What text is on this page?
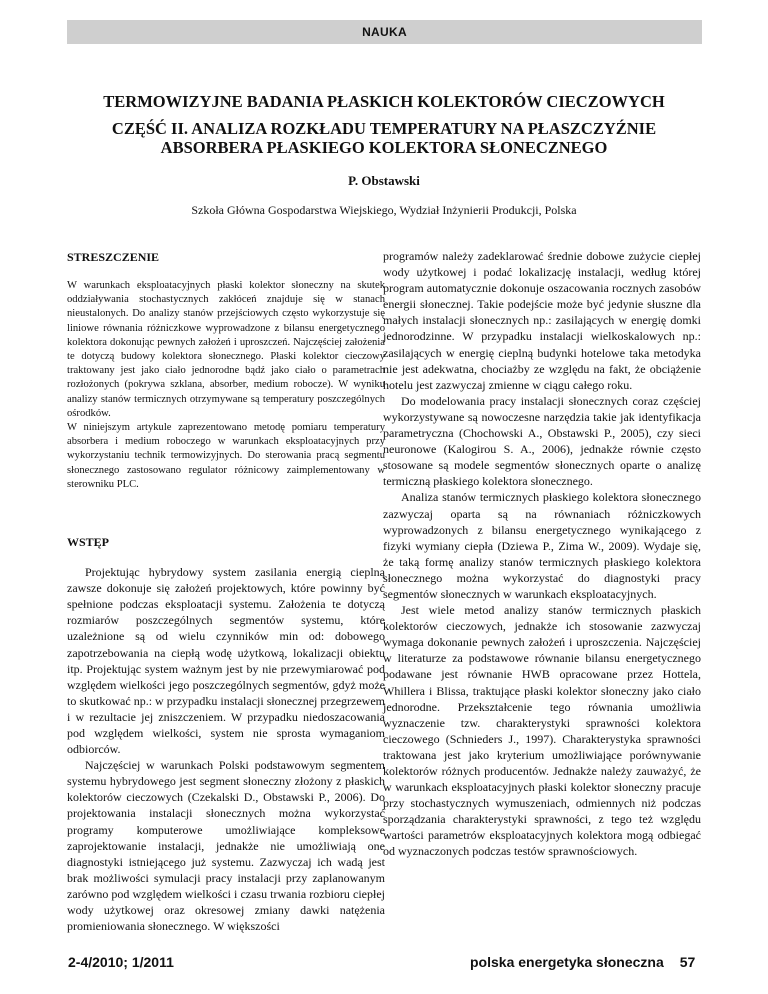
NAUKA
TERMOWIZYJNE BADANIA PŁASKICH KOLEKTORÓW CIECZOWYCH
CZĘŚĆ II. ANALIZA ROZKŁADU TEMPERATURY NA PŁASZCZYŹNIE
ABSORBERA PŁASKIEGO KOLEKTORA SŁONECZNEGO
P. Obstawski
Szkoła Główna Gospodarstwa Wiejskiego, Wydział Inżynierii Produkcji, Polska

STRESZCZENIE

W warunkach eksploatacyjnych płaski kolektor słoneczny na skutek oddziaływania stochastycznych zakłóceń znajduje się w stanach nieustalonych. Do analizy stanów przejściowych często wykorzystuje się liniowe równania różniczkowe wyprowadzone z bilansu energetycznego kolektora dokonując pewnych założeń i uproszczeń. Najczęściej założenia te dotyczą budowy kolektora słonecznego. Płaski kolektor cieczowy traktowany jest jako ciało jednorodne bądź jako ciało o parametrach rozłożonych (pokrywa szklana, absorber, medium robocze). W wyniku analizy stanów termicznych otrzymywane są temperatury poszczególnych ośrodków.

W niniejszym artykule zaprezentowano metodę pomiaru temperatury absorbera i medium roboczego w warunkach eksploatacyjnych przy wykorzystaniu technik termowizyjnych. Do sterowania pracą segmentu słonecznego zastosowano regulator różnicowy zaimplementowany w sterowniku PLC.

WSTĘP

Projektując hybrydowy system zasilania energią cieplną zawsze dokonuje się założeń projektowych, które powinny być spełnione podczas eksploatacji systemu. Założenia te dotyczą rozmiarów poszczególnych segmentów systemu, które uzależnione są od wielu czynników min od: dobowego zapotrzebowania na ciepłą wodę użytkową, lokalizacji obiektu itp. Projektując system ważnym jest by nie przewymiarować pod względem wielkości jego poszczególnych segmentów, gdyż może to skutkować np.: w przypadku instalacji słonecznej przegrzewem i w rezultacie jej zniszczeniem. W przypadku niedoszacowania pod względem wielkości, system nie sprosta wymaganiom odbiorców.

Najczęściej w warunkach Polski podstawowym segmentem systemu hybrydowego jest segment słoneczny złożony z płaskich kolektorów cieczowych (Czekalski D., Obstawski P., 2006). Do projektowania instalacji słonecznych można wykorzystać programy komputerowe umożliwiające kompleksowe zaprojektowanie instalacji, jednakże nie umożliwiają one diagnostyki istniejącego już systemu. Zazwyczaj ich wadą jest brak możliwości symulacji pracy instalacji przy zaplanowanym zarówno pod względem wielkości i czasu trwania rozbioru ciepłej wody użytkowej oraz okresowej zmiany dawki natężenia promieniowania słonecznego. W większości

programów należy zadeklarować średnie dobowe zużycie ciepłej wody użytkowej i podać lokalizację instalacji, według której program automatycznie dokonuje oszacowania rocznych zasobów energii słonecznej. Takie podejście może być jedynie słuszne dla małych instalacji słonecznych np.: zasilających w energię domki jednorodzinne. W przypadku instalacji wielkoskalowych np.: zasilających w energię cieplną budynki hotelowe taka metodyka nie jest adekwatna, chociażby ze względu na fakt, że obciążenie hotelu jest zazwyczaj zmienne w ciągu całego roku.

Do modelowania pracy instalacji słonecznych coraz częściej wykorzystywane są nowoczesne narzędzia takie jak identyfikacja parametryczna (Chochowski A., Obstawski P., 2005), czy sieci neuronowe (Kalogirou S. A., 2006), jednakże równie często stosowane są modele segmentów słonecznych oparte o analizę termiczną płaskiego kolektora słonecznego.

Analiza stanów termicznych płaskiego kolektora słonecznego zazwyczaj oparta są na równaniach różniczkowych wyprowadzonych z bilansu energetycznego wynikającego z fizyki wymiany ciepła (Dziewa P., Zima W., 2009). Wydaje się, że taką formę analizy stanów termicznych płaskiego kolektora słonecznego można wykorzystać do diagnostyki pracy segmentów słonecznych w warunkach eksploatacyjnych.

Jest wiele metod analizy stanów termicznych płaskich kolektorów cieczowych, jednakże ich stosowanie zazwyczaj wymaga dokonanie pewnych założeń i uproszczenia. Najczęściej w literaturze za podstawowe równanie bilansu energetycznego podawane jest równanie HWB opracowane przez Hottela, Whillera i Blissa, traktujące płaski kolektor słoneczny jako ciało jednorodne. Przekształcenie tego równania umożliwia wyznaczenie tzw. charakterystyki sprawności kolektora cieczowego (Schnieders J., 1997). Charakterystyka sprawności traktowana jest jako kryterium umożliwiające porównywanie kolektorów różnych producentów. Jednakże należy zauważyć, że w warunkach eksploatacyjnych płaski kolektor słoneczny pracuje przy stochastycznych wymuszeniach, odmiennych niż podczas sporządzania charakterystyki sprawności, z tego też względu wartości parametrów eksploatacyjnych kolektora mogą odbiegać od wyznaczonych podczas testów sprawnościowych.

2-4/2010; 1/2011	polska energetyka słoneczna 57
